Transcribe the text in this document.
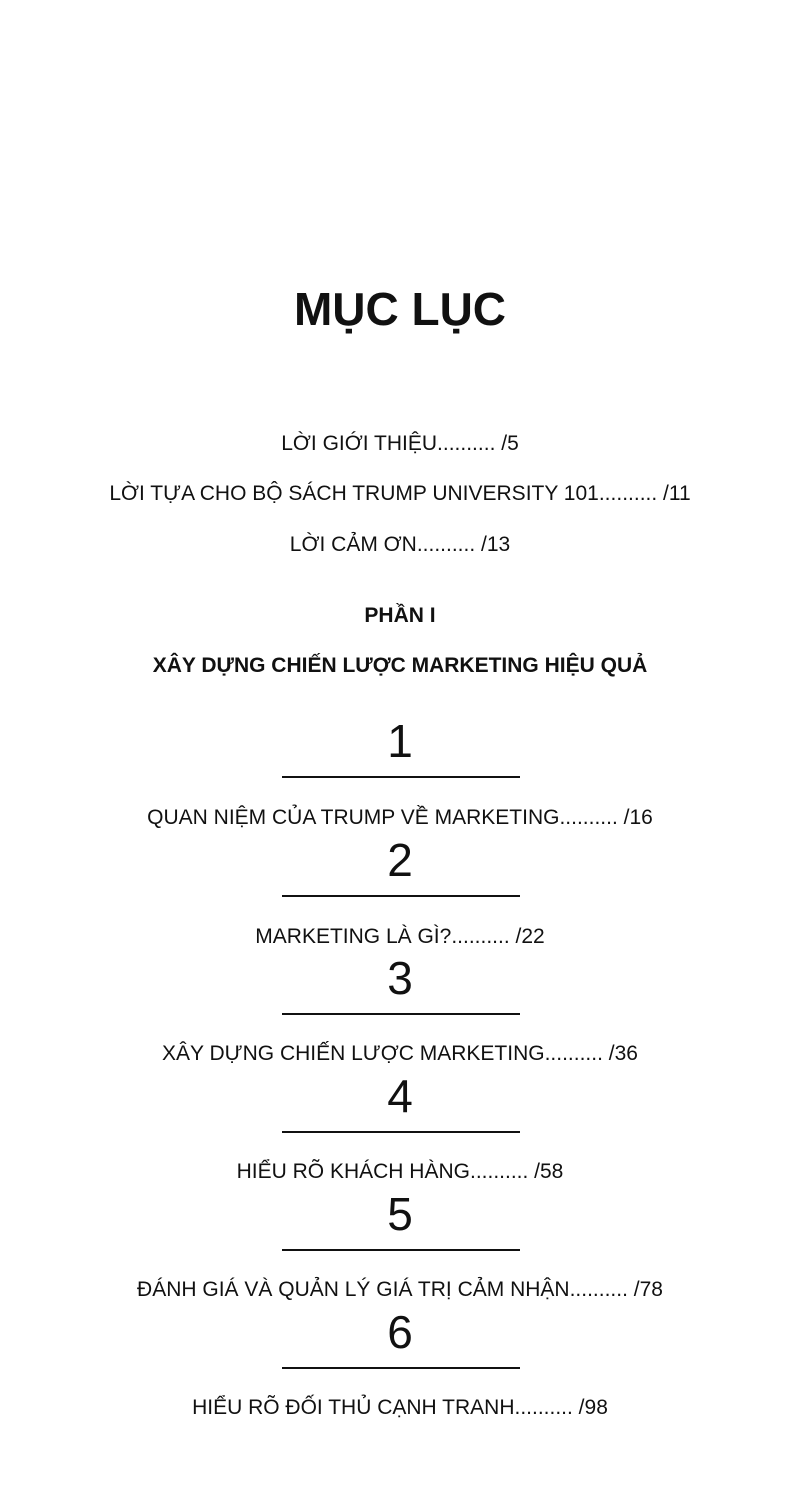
MỤC LỤC
LỜI GIỚI THIỆU.......... /5
LỜI TỰA CHO BỘ SÁCH TRUMP UNIVERSITY 101.......... /11
LỜI CẢM ƠN.......... /13
PHẦN I
XÂY DỰNG CHIẾN LƯỢC MARKETING HIỆU QUẢ
1
QUAN NIỆM CỦA TRUMP VỀ MARKETING.......... /16
2
MARKETING LÀ GÌ?.......... /22
3
XÂY DỰNG CHIẾN LƯỢC MARKETING.......... /36
4
HIỂU RÕ KHÁCH HÀNG.......... /58
5
ĐÁNH GIÁ VÀ QUẢN LÝ GIÁ TRỊ CẢM NHẬN.......... /78
6
HIỂU RÕ ĐỐI THỦ CẠNH TRANH.......... /98
